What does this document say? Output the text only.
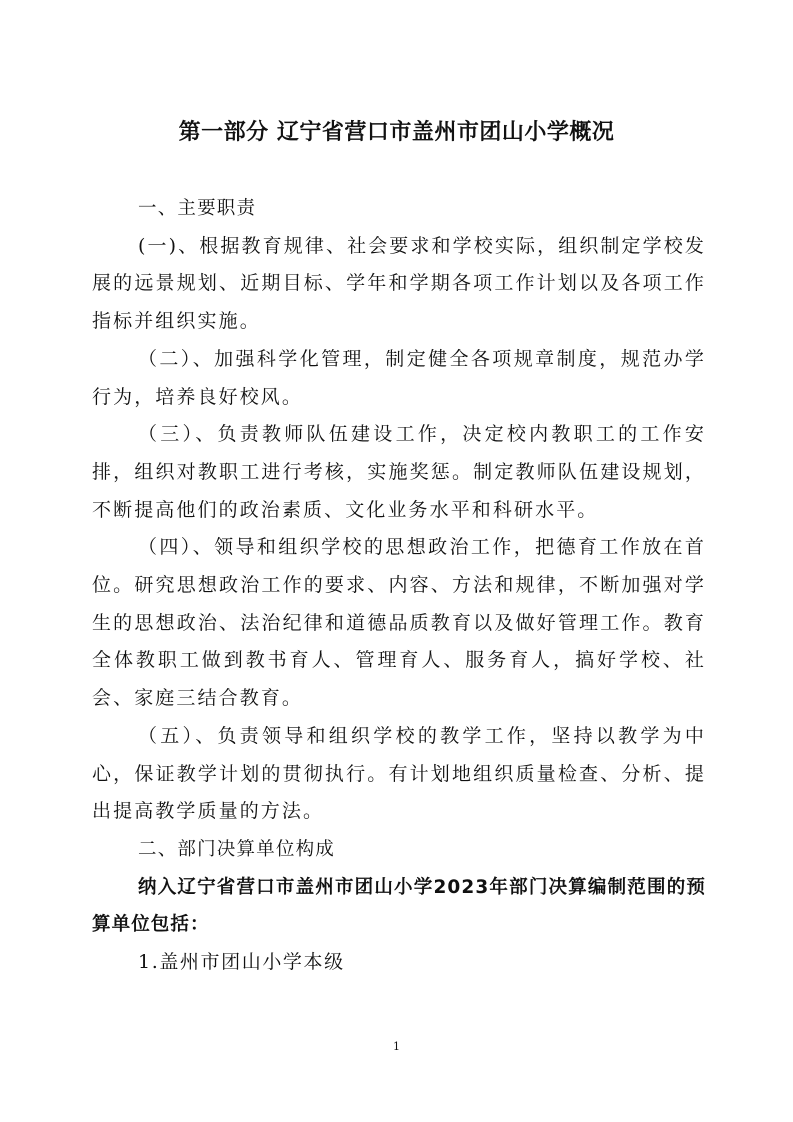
第一部分 辽宁省营口市盖州市团山小学概况

一、主要职责

(一)、根据教育规律、社会要求和学校实际，组织制定学校发展的远景规划、近期目标、学年和学期各项工作计划以及各项工作指标并组织实施。

（二）、加强科学化管理，制定健全各项规章制度，规范办学行为，培养良好校风。

（三）、负责教师队伍建设工作，决定校内教职工的工作安排，组织对教职工进行考核，实施奖惩。制定教师队伍建设规划，不断提高他们的政治素质、文化业务水平和科研水平。

（四）、领导和组织学校的思想政治工作，把德育工作放在首位。研究思想政治工作的要求、内容、方法和规律，不断加强对学生的思想政治、法治纪律和道德品质教育以及做好管理工作。教育全体教职工做到教书育人、管理育人、服务育人，搞好学校、社会、家庭三结合教育。

（五）、负责领导和组织学校的教学工作，坚持以教学为中心，保证教学计划的贯彻执行。有计划地组织质量检查、分析、提出提高教学质量的方法。

二、部门决算单位构成

纳入辽宁省营口市盖州市团山小学2023年部门决算编制范围的预算单位包括：

1.盖州市团山小学本级

1
